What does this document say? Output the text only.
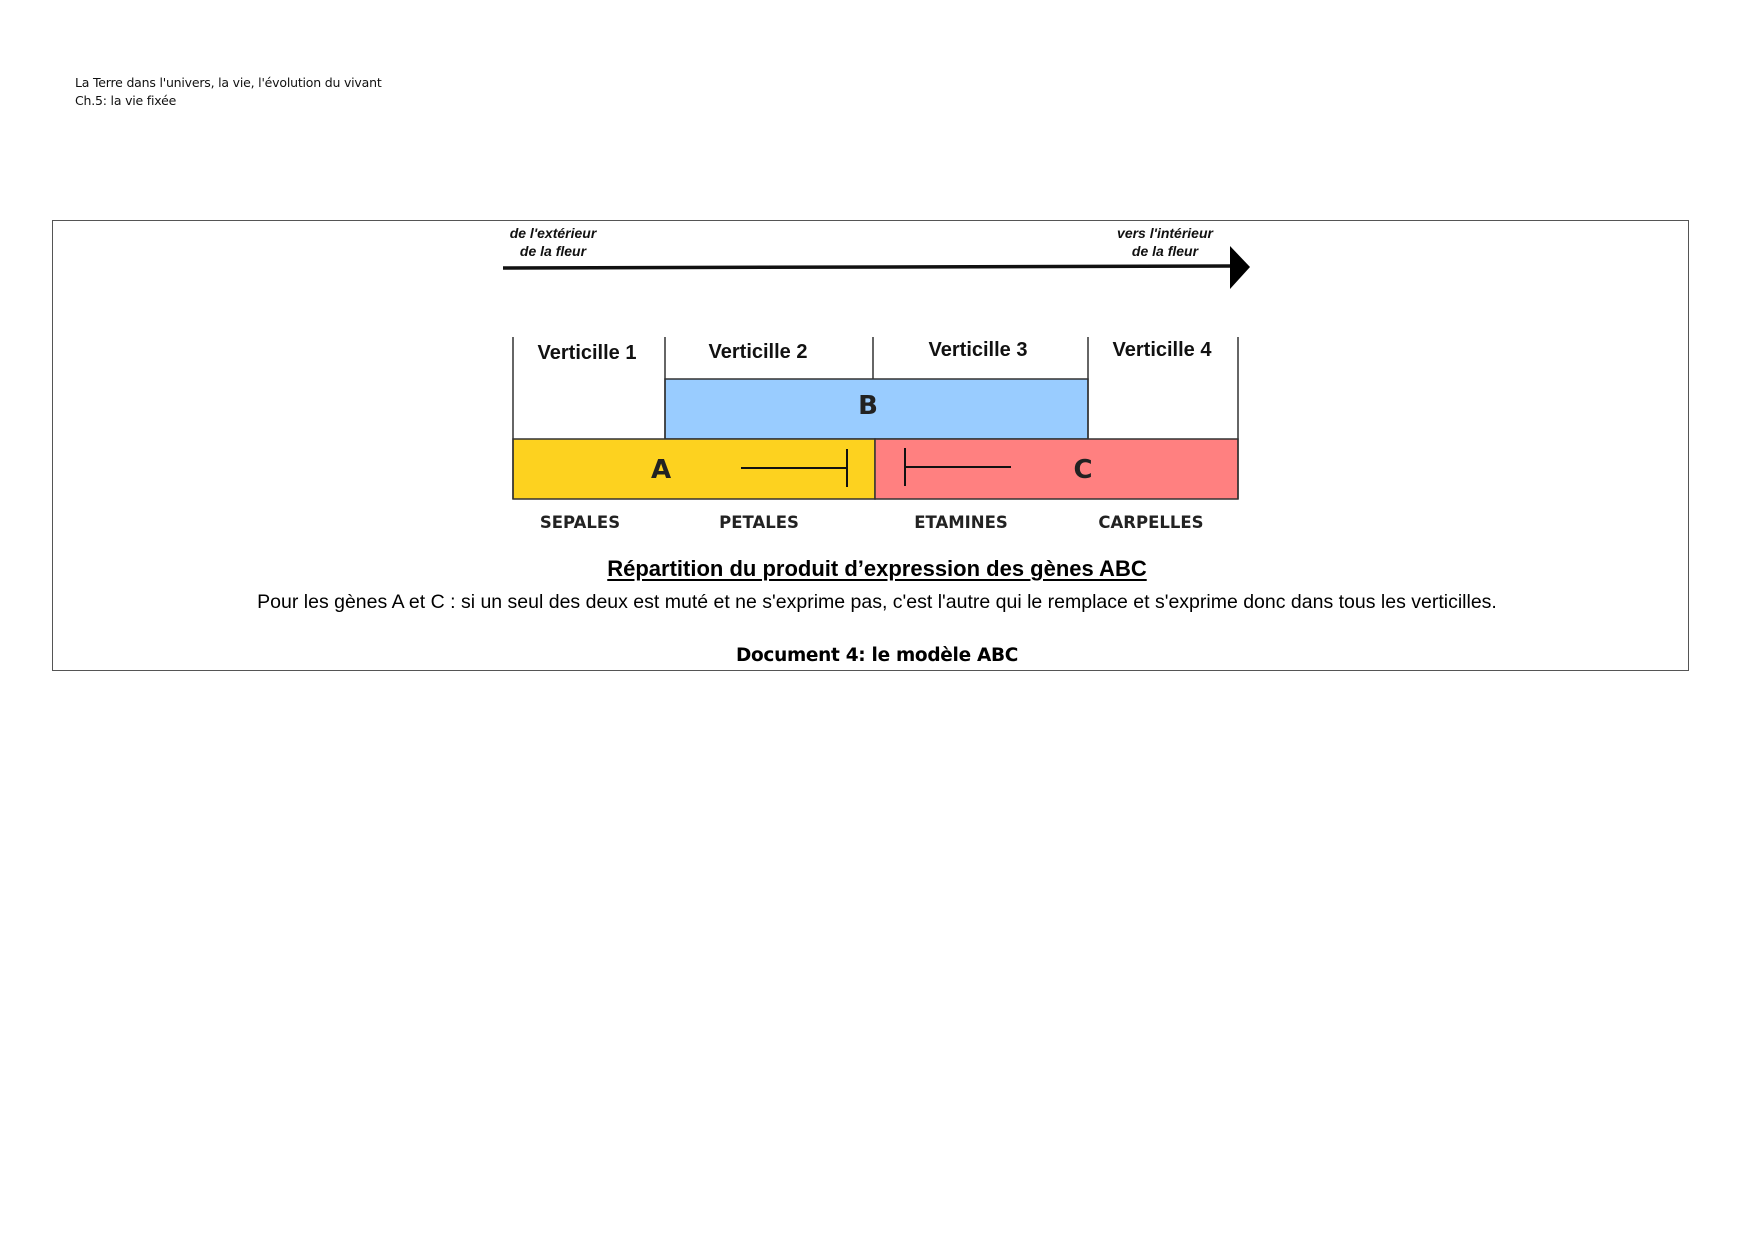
La Terre dans l'univers, la vie, l'évolution du vivant
Ch.5: la vie fixée
de l'extérieur
de la fleur
vers l'intérieur
de la fleur
Verticille 1	Verticille 2	Verticille 3	Verticille 4
B
A	C
SEPALES	PETALES	ETAMINES	CARPELLES
Répartition du produit d’expression des gènes ABC
Pour les gènes A et C : si un seul des deux est muté et ne s'exprime pas, c'est l'autre qui le remplace et s'exprime donc dans tous les verticilles.
Document 4: le modèle ABC
